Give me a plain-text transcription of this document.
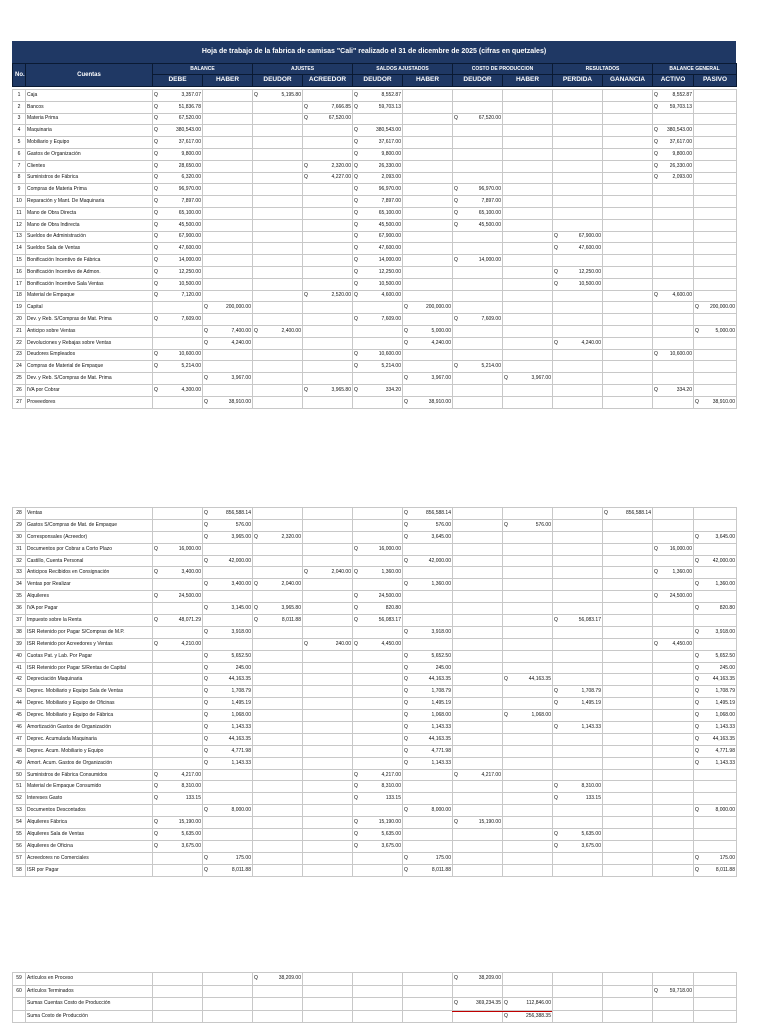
Hoja de trabajo de la fabrica de camisas "Cali" realizado el 31 de dicembre de 2025 (cifras en quetzales)
No.	Cuentas	BALANCE		AJUSTES		SALDOS AJUSTADOS		COSTO DE PRODUCCION		RESULTADOS		BALANCE GENERAL	
		DEBE	HABER	DEUDOR	ACREEDOR	DEUDOR	HABER	DEUDOR	HABER	PERDIDA	GANANCIA	ACTIVO	PASIVO
1	Caja	Q 3,357.07		Q 5,195.80		Q 8,552.87						Q 8,552.87	

2	Bancos	Q 51,836.78			Q 7,666.85	Q 59,703.13						Q 59,703.13	

3	Materia Prima	Q 67,520.00			Q 67,520.00			Q 67,520.00					

4	Maquinaria	Q 380,543.00				Q 380,543.00						Q 380,543.00	

5	Mobiliario y Equipo	Q 37,617.00				Q 37,617.00						Q 37,617.00	

6	Gastos de Organización	Q 9,800.00				Q 9,800.00						Q 9,800.00	

7	Clientes	Q 28,650.00			Q 2,320.00	Q 26,330.00						Q 26,330.00	

8	Suministros de Fábrica	Q 6,320.00			Q 4,227.00	Q 2,093.00						Q 2,093.00	

9	Compras de Materia Prima	Q 96,970.00				Q 96,970.00		Q 96,970.00					

10	Reparación y Mant. De Maquinaria	Q 7,897.00				Q 7,897.00		Q 7,897.00					

11	Mano de Obra Directa	Q 65,100.00				Q 65,100.00		Q 65,100.00					

12	Mano de Obra Indirecta	Q 45,500.00				Q 45,500.00		Q 45,500.00					

13	Sueldos de Administración	Q 67,900.00				Q 67,900.00				Q 67,900.00			

14	Sueldos Sala de Ventas	Q 47,600.00				Q 47,600.00				Q 47,600.00			

15	Bonificación Incentivo de Fábrica	Q 14,000.00				Q 14,000.00		Q 14,000.00					

16	Bonificación Incentivo de Admon.	Q 12,250.00				Q 12,250.00				Q 12,250.00			

17	Bonificación Incentivo Sala Ventas	Q 10,500.00				Q 10,500.00				Q 10,500.00			

18	Material de Empaque	Q 7,120.00			Q 2,520.00	Q 4,600.00						Q 4,600.00	

19	Capital		Q 200,000.00				Q 200,000.00						Q 200,000.00

20	Dev. y Reb. S/Compras de Mat. Prima	Q 7,609.00				Q 7,609.00		Q 7,609.00					

21	Anticipo sobre Ventas		Q 7,400.00	Q 2,400.00			Q 5,000.00						Q 5,000.00

22	Devoluciones y Rebajas sobre Ventas		Q 4,240.00				Q 4,240.00			Q 4,240.00			

23	Deudores Empleados	Q 10,600.00				Q 10,600.00						Q 10,600.00	

24	Compras de Material de Empaque	Q 5,214.00				Q 5,214.00		Q 5,214.00					

25	Dev. y Reb. S/Compras de Mat. Prima		Q 3,967.00				Q 3,967.00		Q 3,967.00				

26	IVA por Cobrar	Q 4,300.00			Q 3,965.80	Q 334.20						Q 334.20	

27	Proveedores		Q 38,910.00				Q 38,910.00						Q 38,910.00
28	Ventas		Q 856,588.14				Q 856,588.14				Q 856,588.14		

29	Gastos S/Compras de Mat. de Empaque		Q 576.00				Q 576.00		Q 576.00				

30	Corresponsales (Acreedor)		Q 3,965.00	Q 2,320.00			Q 3,645.00						Q 3,645.00

31	Documentos por Cobrar a Corto Plazo	Q 16,000.00				Q 16,000.00						Q 16,000.00	

32	Castillo, Cuenta Personal		Q 42,000.00				Q 42,000.00						Q 42,000.00

33	Anticipos Recibidos en Consignación	Q 3,400.00			Q 2,040.00	Q 1,360.00						Q 1,360.00	

34	Ventas por Realizar		Q 3,400.00	Q 2,040.00			Q 1,360.00						Q 1,360.00

35	Alquileres	Q 24,500.00				Q 24,500.00						Q 24,500.00	

36	IVA por Pagar		Q 3,145.00	Q 3,965.80		Q 820.80							Q 820.80

37	Impuesto sobre la Renta	Q 48,071.29		Q 8,011.88		Q 56,083.17				Q 56,083.17			

38	ISR Retenido por Pagar S/Compras de M.P.		Q 3,918.00				Q 3,918.00						Q 3,918.00

39	ISR Retenido por Acreedores y Ventas	Q 4,210.00			Q 240.00	Q 4,450.00						Q 4,450.00	

40	Cuotas Pat. y Lab. Por Pagar		Q 5,652.50				Q 5,652.50						Q 5,652.50

41	ISR Retenido por Pagar S/Rentas de Capital		Q 245.00				Q 245.00						Q 245.00

42	Depreciación Maquinaria		Q 44,163.35				Q 44,163.35		Q 44,163.35				Q 44,163.35

43	Deprec. Mobiliario y Equipo Sala de Ventas		Q 1,708.79				Q 1,708.79			Q 1,708.79			Q 1,708.79

44	Deprec. Mobiliario y Equipo de Oficinas		Q 1,495.19				Q 1,495.19			Q 1,495.19			Q 1,495.19

45	Deprec. Mobiliario y Equipo de Fábrica		Q 1,068.00				Q 1,068.00		Q 1,068.00				Q 1,068.00

46	Amortización Gastos de Organización		Q 1,143.33				Q 1,143.33			Q 1,143.33			Q 1,143.33

47	Deprec. Acumulada Maquinaria		Q 44,163.35				Q 44,163.35						Q 44,163.35

48	Deprec. Acum. Mobiliario y Equipo		Q 4,771.98				Q 4,771.98						Q 4,771.98

49	Amort. Acum. Gastos de Organización		Q 1,143.33				Q 1,143.33						Q 1,143.33

50	Suministros de Fábrica Consumidos	Q 4,217.00				Q 4,217.00		Q 4,217.00					

51	Material de Empaque Consumido	Q 8,310.00				Q 8,310.00				Q 8,310.00			

52	Intereses Gasto	Q 133.15				Q 133.15				Q 133.15			

53	Documentos Descontados		Q 8,000.00				Q 8,000.00						Q 8,000.00

54	Alquileres Fábrica	Q 15,190.00				Q 15,190.00		Q 15,190.00					

55	Alquileres Sala de Ventas	Q 5,635.00				Q 5,635.00				Q 5,635.00			

56	Alquileres de Oficina	Q 3,675.00				Q 3,675.00				Q 3,675.00			

57	Acreedores no Comerciales		Q 175.00				Q 175.00						Q 175.00

58	ISR por Pagar		Q 8,011.88				Q 8,011.88						Q 8,011.88
59	Artículos en Proceso			Q 38,209.00				Q 38,209.00					

60	Artículos Terminados											Q 59,718.00	

	Sumas Cuentas Costo de Producción							Q 369,234.35	Q 112,846.00				

	Suma Costo de Producción								Q 256,388.35				
